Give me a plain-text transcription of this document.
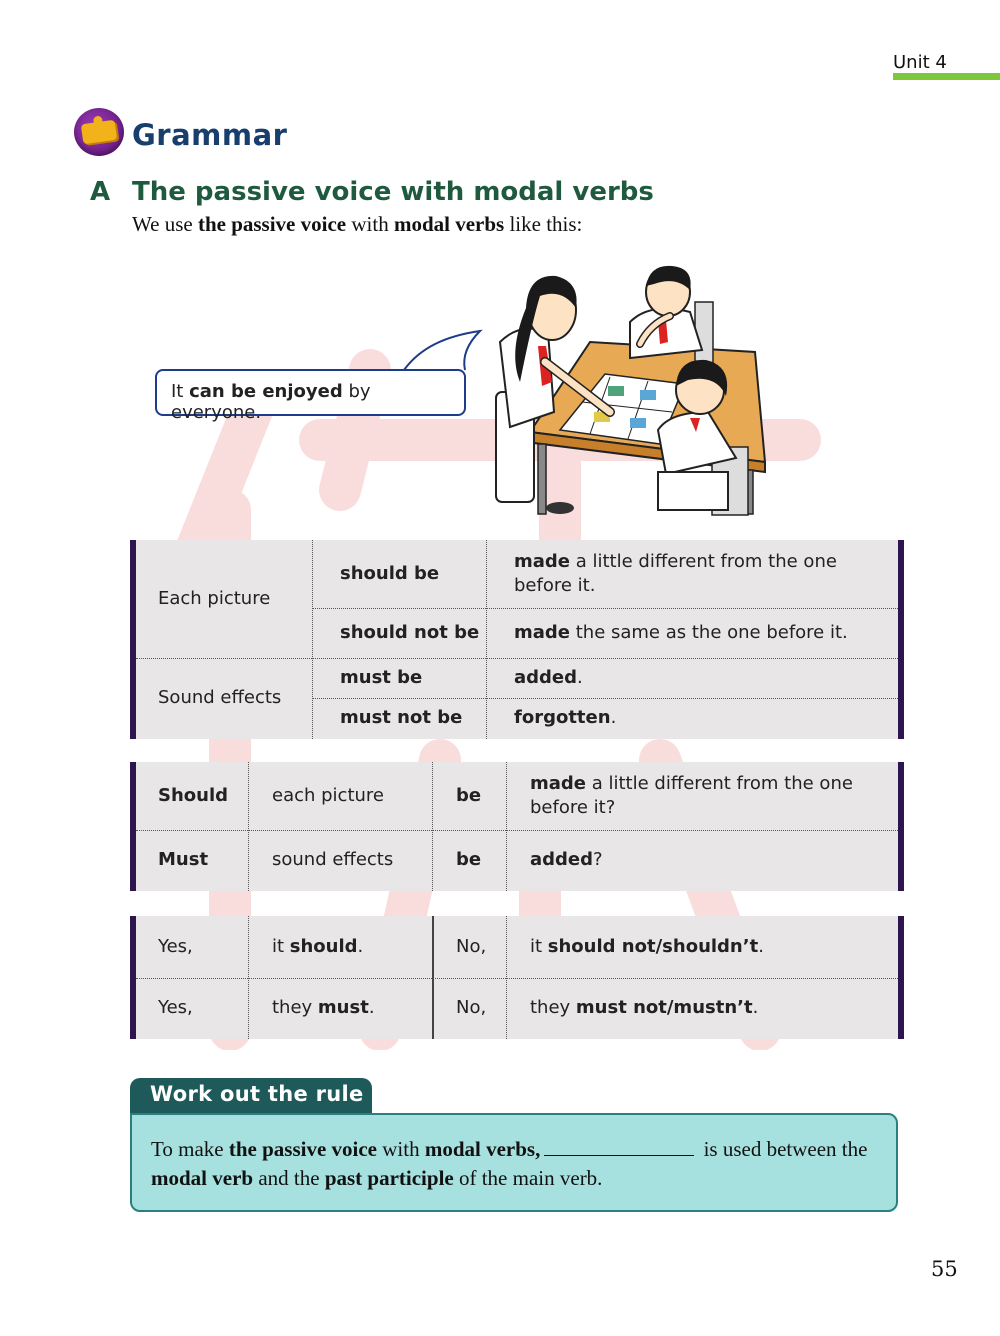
Unit 4
Grammar
A The passive voice with modal verbs
We use the passive voice with modal verbs like this:
It can be enjoyed by everyone.
Each picture
Sound effects
should be
should not be
must be
must not be
made a little different from the one before it.
made the same as the one before it.
added.
forgotten.
Should
Must
each picture
sound effects
be
be
made a little different from the one before it?
added?
Yes,
Yes,
it should.
they must.
No,
No,
it should not/shouldn’t.
they must not/mustn’t.
Work out the rule
To make the passive voice with modal verbs,	is used between the modal verb and the past participle of the main verb.
55
